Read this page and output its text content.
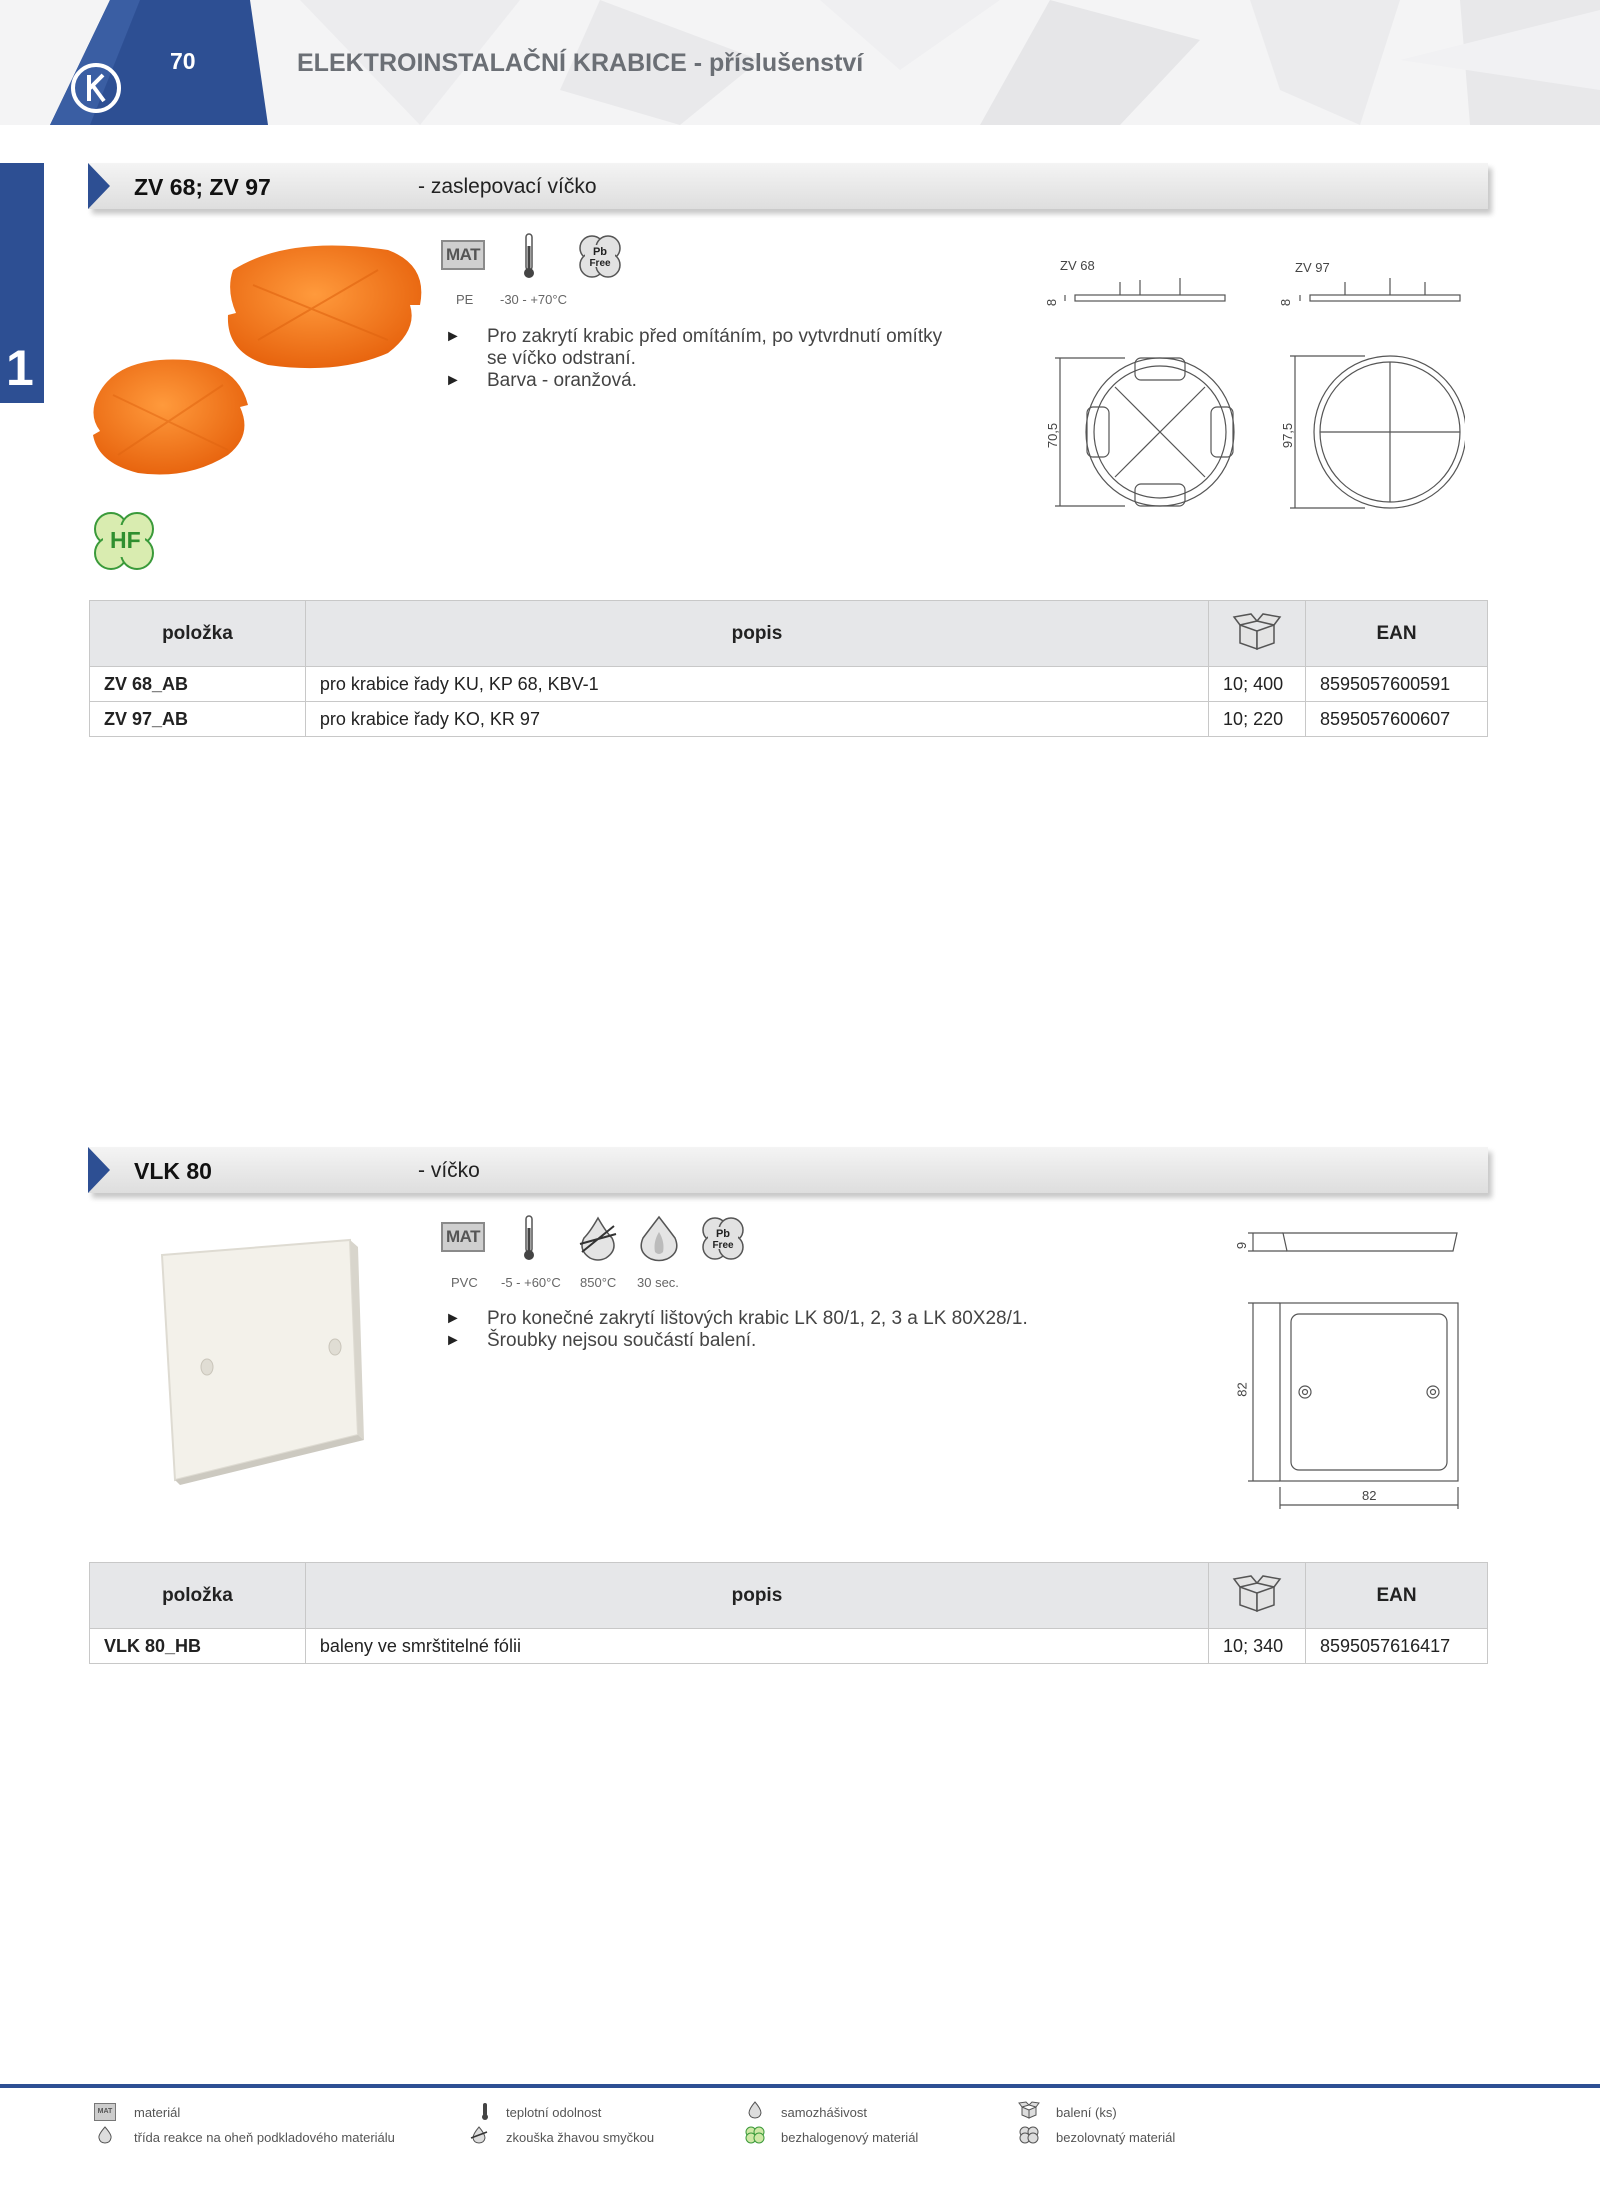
70	ELEKTROINSTALAČNÍ KRABICE - příslušenství
1
ZV 68; ZV 97	- zaslepovací víčko
HF
MAT	Pb
Free
PE -30 - +70°C
► Pro zakrytí krabic před omítáním, po vytvrdnutí omítky se víčko odstraní.
► Barva - oranžová.
ZV 68	ZV 97
8	8
70,5	97,5
položka	popis		EAN
ZV 68_AB	pro krabice řady KU, KP 68, KBV-1	10; 400	8595057600591
ZV 97_AB	pro krabice řady KO, KR 97	10; 220	8595057600607
VLK 80	- víčko
MAT	Pb
Free
PVC -5 - +60°C 850°C 30 sec.
► Pro konečné zakrytí lištových krabic LK 80/1, 2, 3 a LK 80X28/1.
► Šroubky nejsou součástí balení.
9
82
82
položka	popis		EAN
VLK 80_HB	baleny ve smrštitelné fólii	10; 340	8595057616417
MAT materiál	teplotní odolnost	samozhášivost	balení (ks)
třída reakce na oheň podkladového materiálu	zkouška žhavou smyčkou	bezhalogenový materiál	bezolovnatý materiál
